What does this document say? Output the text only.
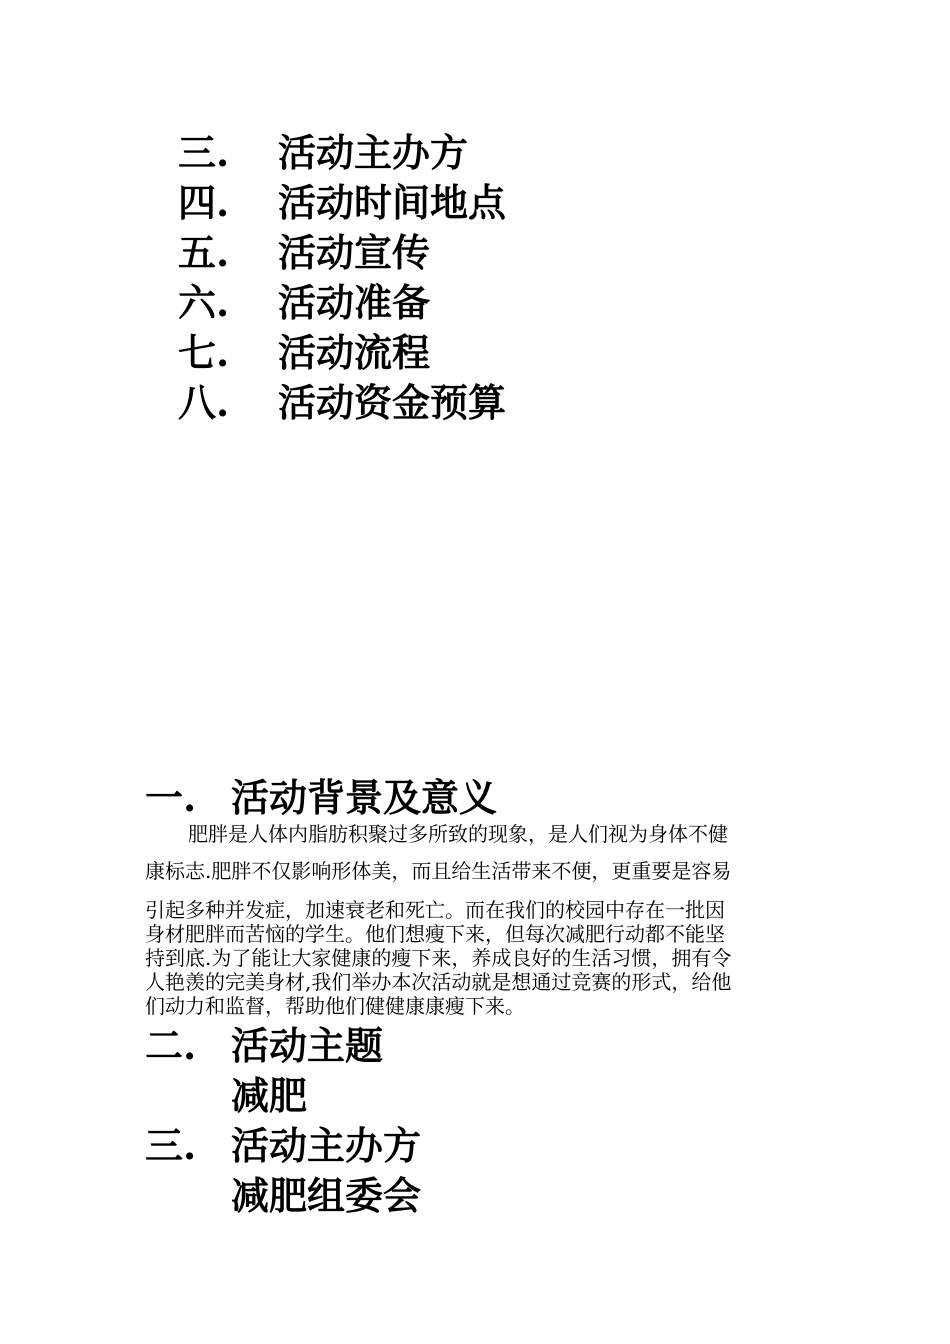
三. 活动主办方
四. 活动时间地点
五. 活动宣传
六. 活动准备
七. 活动流程
八. 活动资金预算
一. 活动背景及意义
肥胖是人体内脂肪积聚过多所致的现象，是人们视为身体不健
康标志.肥胖不仅影响形体美，而且给生活带来不便，更重要是容易
引起多种并发症，加速衰老和死亡。而在我们的校园中存在一批因
身材肥胖而苦恼的学生。他们想瘦下来，但每次减肥行动都不能坚
持到底.为了能让大家健康的瘦下来，养成良好的生活习惯，拥有令
人艳羡的完美身材,我们举办本次活动就是想通过竞赛的形式，给他
们动力和监督，帮助他们健健康康瘦下来。
二. 活动主题
减肥
三. 活动主办方
减肥组委会
